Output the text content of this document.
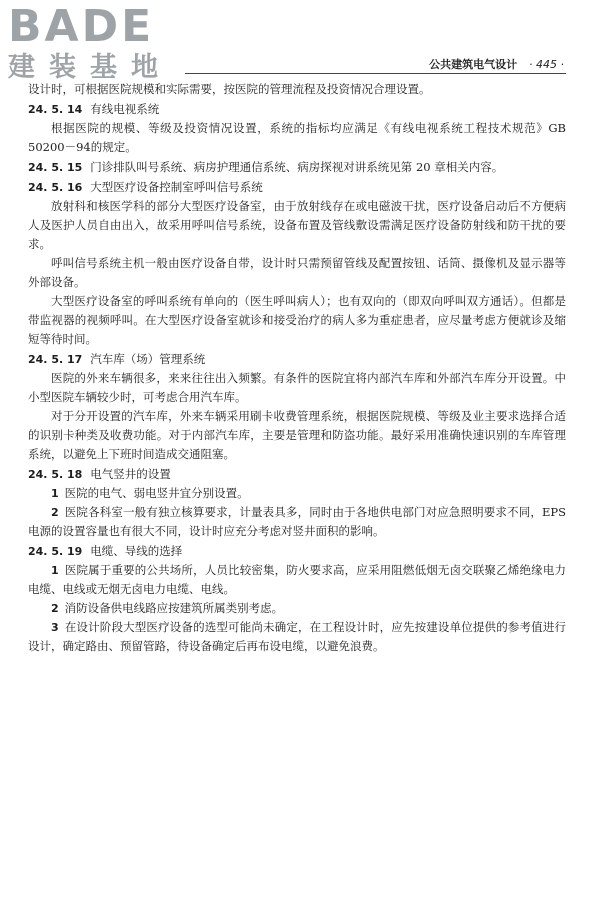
BADE
建装基地	公共建筑电气设计 · 445 ·

设计时，可根据医院规模和实际需要，按医院的管理流程及投资情况合理设置。

24. 5. 14 有线电视系统

根据医院的规模、等级及投资情况设置，系统的指标均应满足《有线电视系统工程技术规范》GB 50200－94的规定。

24. 5. 15 门诊排队叫号系统、病房护理通信系统、病房探视对讲系统见第 20 章相关内容。

24. 5. 16 大型医疗设备控制室呼叫信号系统

放射科和核医学科的部分大型医疗设备室，由于放射线存在或电磁波干扰，医疗设备启动后不方便病人及医护人员自由出入，故采用呼叫信号系统，设备布置及管线敷设需满足医疗设备防射线和防干扰的要求。

呼叫信号系统主机一般由医疗设备自带，设计时只需预留管线及配置按钮、话筒、摄像机及显示器等外部设备。

大型医疗设备室的呼叫系统有单向的（医生呼叫病人）；也有双向的（即双向呼叫双方通话）。但都是带监视器的视频呼叫。在大型医疗设备室就诊和接受治疗的病人多为重症患者，应尽量考虑方便就诊及缩短等待时间。

24. 5. 17 汽车库（场）管理系统

医院的外来车辆很多，来来往往出入频繁。有条件的医院宜将内部汽车库和外部汽车库分开设置。中小型医院车辆较少时，可考虑合用汽车库。

对于分开设置的汽车库，外来车辆采用刷卡收费管理系统，根据医院规模、等级及业主要求选择合适的识别卡种类及收费功能。对于内部汽车库，主要是管理和防盗功能。最好采用准确快速识别的车库管理系统，以避免上下班时间造成交通阻塞。

24. 5. 18 电气竖井的设置

1 医院的电气、弱电竖井宜分别设置。

2 医院各科室一般有独立核算要求，计量表具多，同时由于各地供电部门对应急照明要求不同，EPS电源的设置容量也有很大不同，设计时应充分考虑对竖井面积的影响。

24. 5. 19 电缆、导线的选择

1 医院属于重要的公共场所，人员比较密集，防火要求高，应采用阻燃低烟无卤交联聚乙烯绝缘电力电缆、电线或无烟无卤电力电缆、电线。

2 消防设备供电线路应按建筑所属类别考虑。

3 在设计阶段大型医疗设备的选型可能尚未确定，在工程设计时，应先按建设单位提供的参考值进行设计，确定路由、预留管路，待设备确定后再布设电缆，以避免浪费。
